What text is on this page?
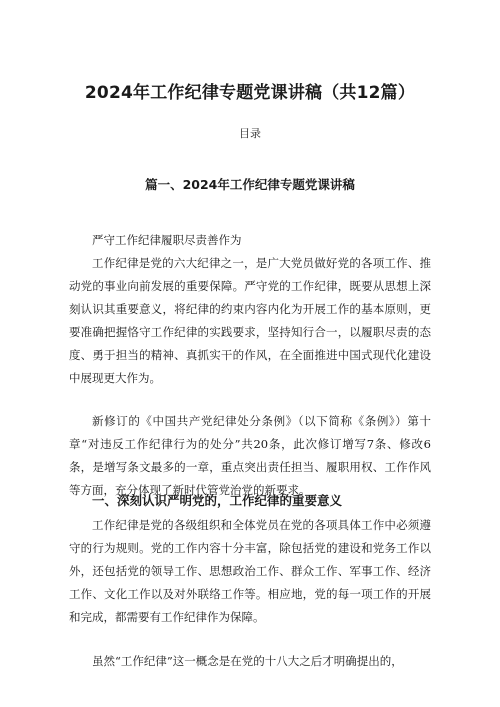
2024年工作纪律专题党课讲稿（共12篇）
目录
篇一、2024年工作纪律专题党课讲稿
严守工作纪律履职尽责善作为
工作纪律是党的六大纪律之一，是广大党员做好党的各项工作、推动党的事业向前发展的重要保障。严守党的工作纪律，既要从思想上深刻认识其重要意义，将纪律的约束内容内化为开展工作的基本原则，更要准确把握恪守工作纪律的实践要求，坚持知行合一，以履职尽责的态度、勇于担当的精神、真抓实干的作风，在全面推进中国式现代化建设中展现更大作为。
新修订的《中国共产党纪律处分条例》（以下简称《条例》）第十章“对违反工作纪律行为的处分”共20条，此次修订增写7条、修改6条，是增写条文最多的一章，重点突出责任担当、履职用权、工作作风等方面，充分体现了新时代管党治党的新要求。
一、深刻认识严明党的，工作纪律的重要意义
工作纪律是党的各级组织和全体党员在党的各项具体工作中必须遵守的行为规则。党的工作内容十分丰富，除包括党的建设和党务工作以外，还包括党的领导工作、思想政治工作、群众工作、军事工作、经济工作、文化工作以及对外联络工作等。相应地，党的每一项工作的开展和完成，都需要有工作纪律作为保障。
虽然“工作纪律”这一概念是在党的十八大之后才明确提出的，
